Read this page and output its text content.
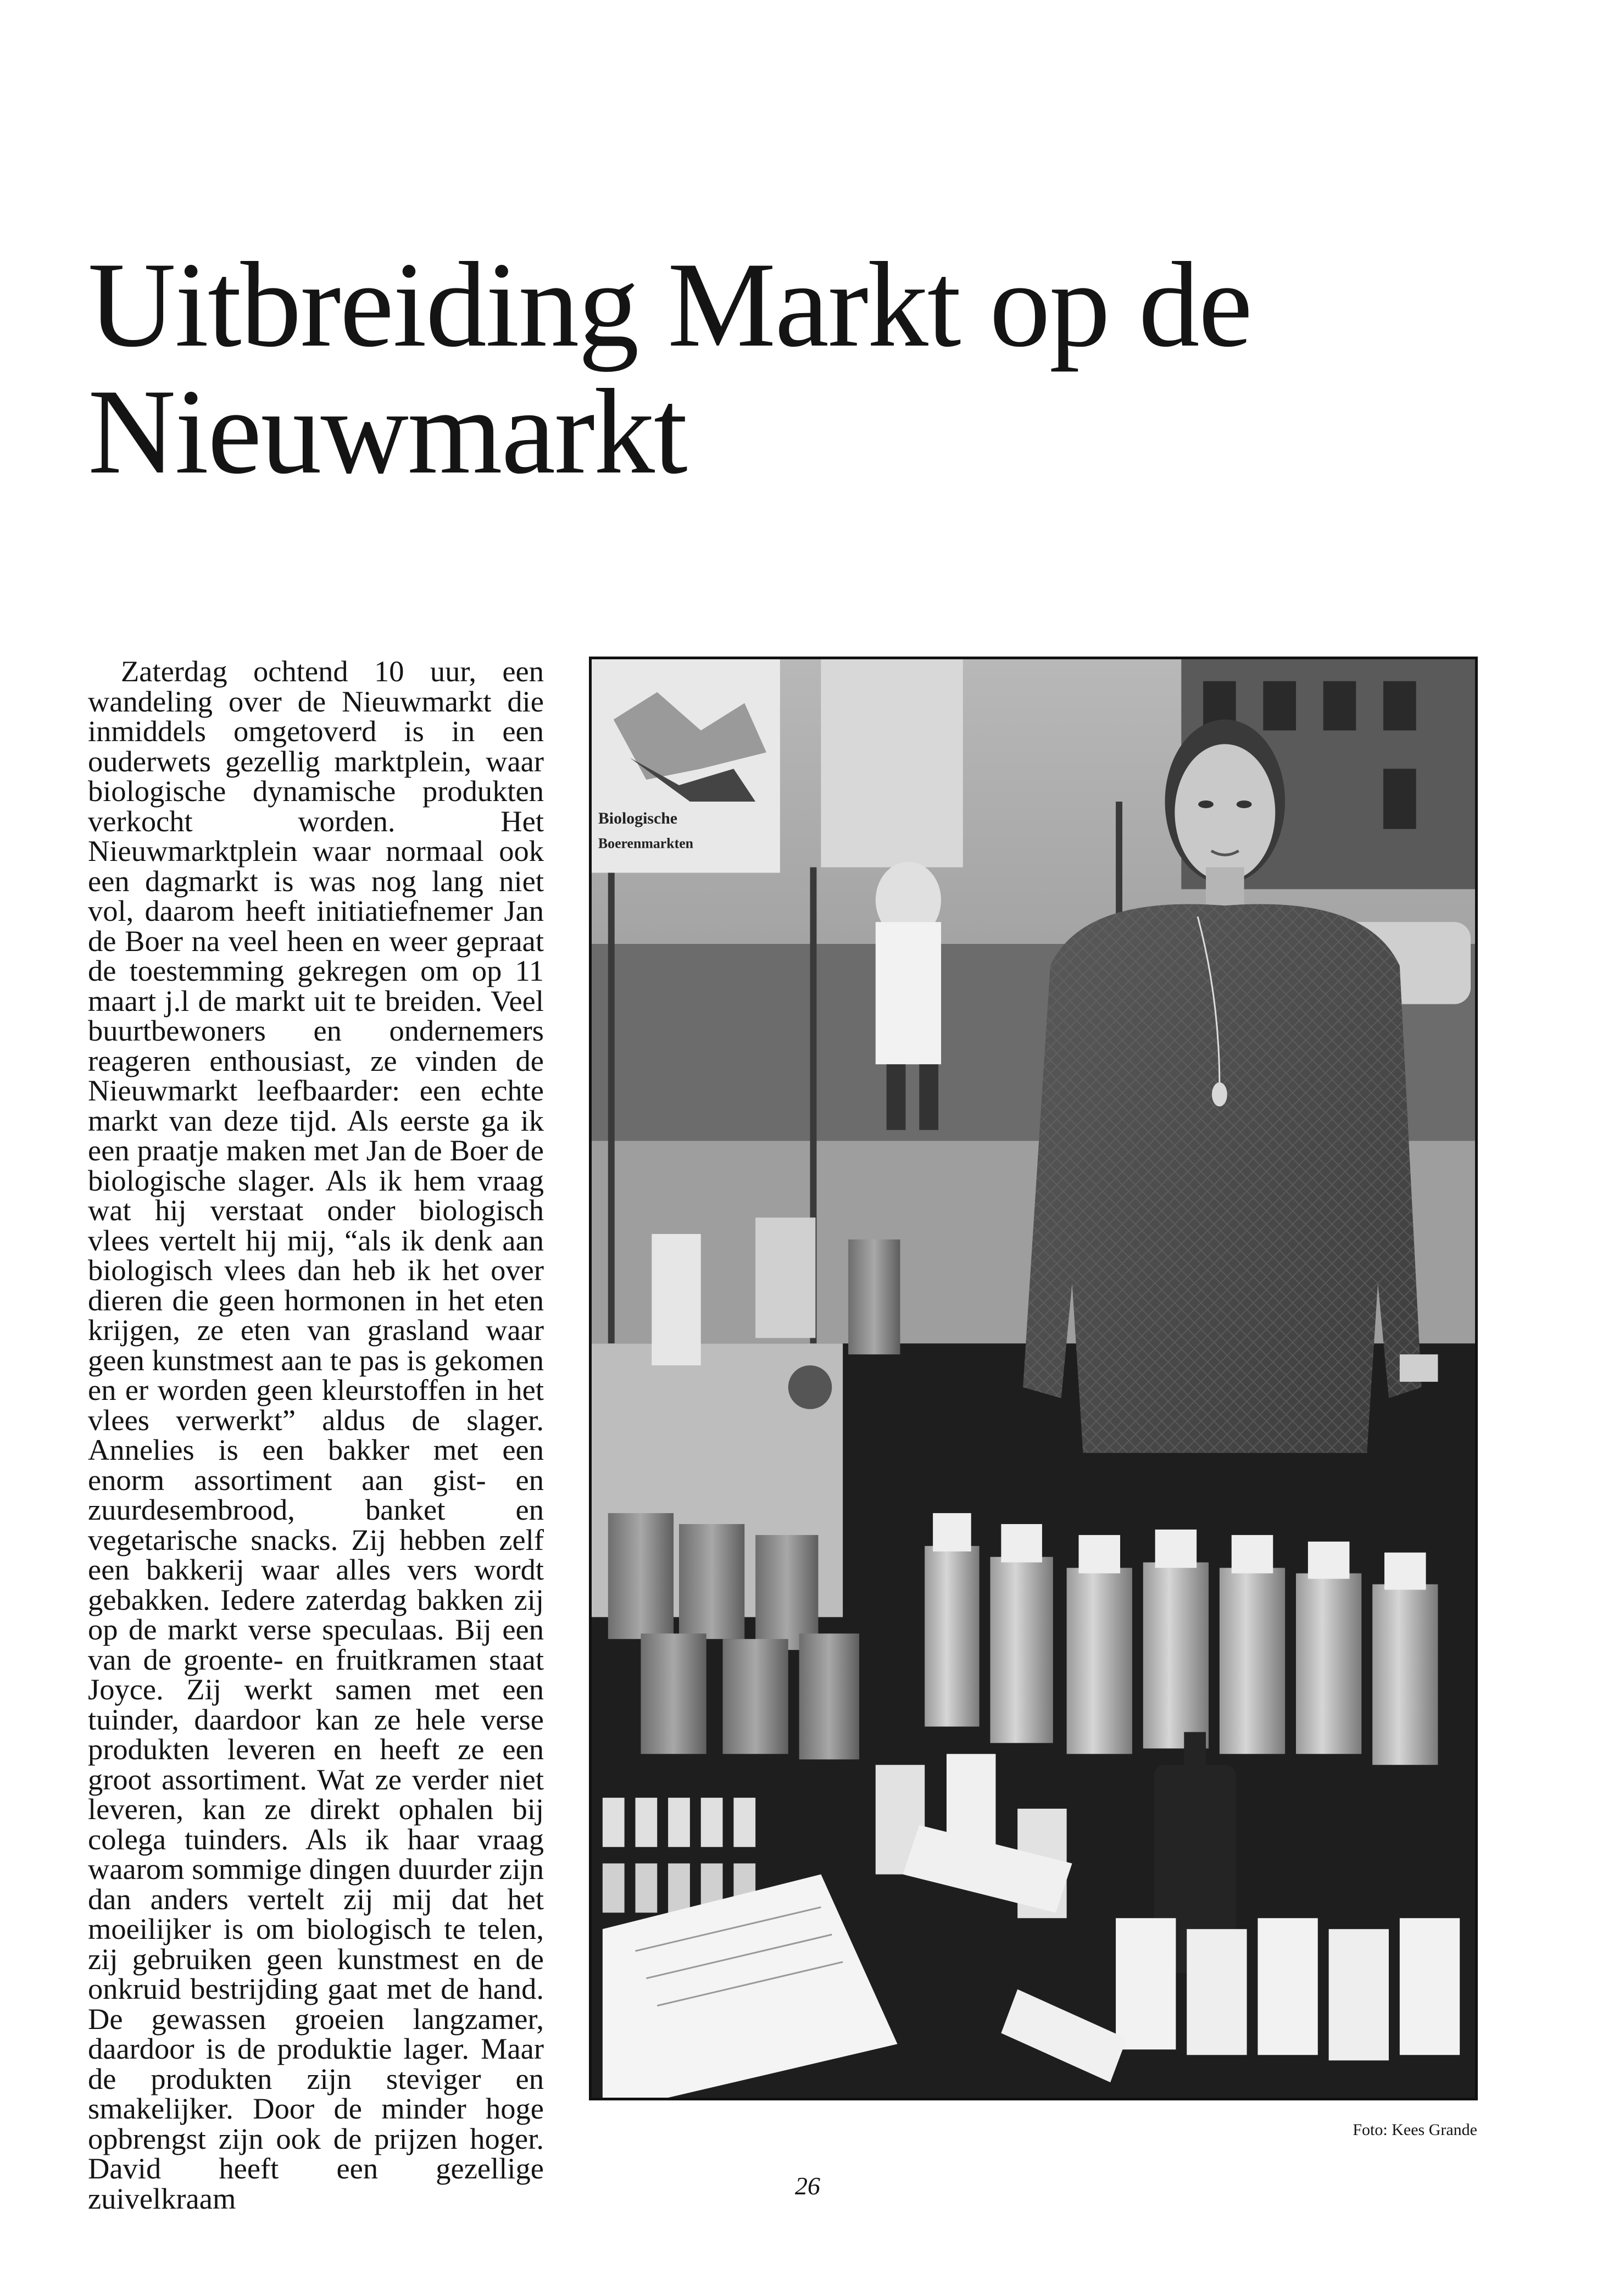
Uitbreiding Markt op de Nieuwmarkt

Zaterdag ochtend 10 uur, een wandeling over de Nieuwmarkt die inmiddels omgetoverd is in een ouderwets gezellig marktplein, waar biologische dynamische produkten verkocht worden. Het Nieuwmarktplein waar normaal ook een dagmarkt is was nog lang niet vol, daarom heeft initiatiefnemer Jan de Boer na veel heen en weer gepraat de toestemming gekregen om op 11 maart j.l de markt uit te breiden. Veel buurtbewoners en ondernemers reageren enthousiast, ze vinden de Nieuwmarkt leefbaarder: een echte markt van deze tijd. Als eerste ga ik een praatje maken met Jan de Boer de biologische slager. Als ik hem vraag wat hij verstaat onder biologisch vlees vertelt hij mij, “als ik denk aan biologisch vlees dan heb ik het over dieren die geen hormonen in het eten krijgen, ze eten van grasland waar geen kunstmest aan te pas is gekomen en er worden geen kleurstoffen in het vlees verwerkt” aldus de slager. Annelies is een bakker met een enorm assortiment aan gist- en zuurdesembrood, banket en vegetarische snacks. Zij hebben zelf een bakkerij waar alles vers wordt gebakken. Iedere zaterdag bakken zij op de markt verse speculaas. Bij een van de groente- en fruitkramen staat Joyce. Zij werkt samen met een tuinder, daardoor kan ze hele verse produkten leveren en heeft ze een groot assortiment. Wat ze verder niet leveren, kan ze direkt ophalen bij colega tuinders. Als ik haar vraag waarom sommige dingen duurder zijn dan anders vertelt zij mij dat het moeilijker is om biologisch te telen, zij gebruiken geen kunstmest en de onkruid bestrijding gaat met de hand. De gewassen groeien langzamer, daardoor is de produktie lager. Maar de produkten zijn steviger en smakelijker. Door de minder hoge opbrengst zijn ook de prijzen hoger. David heeft een gezellige zuivelkraam

Biologische
Boerenmarkten
Foto: Kees Grande
26
